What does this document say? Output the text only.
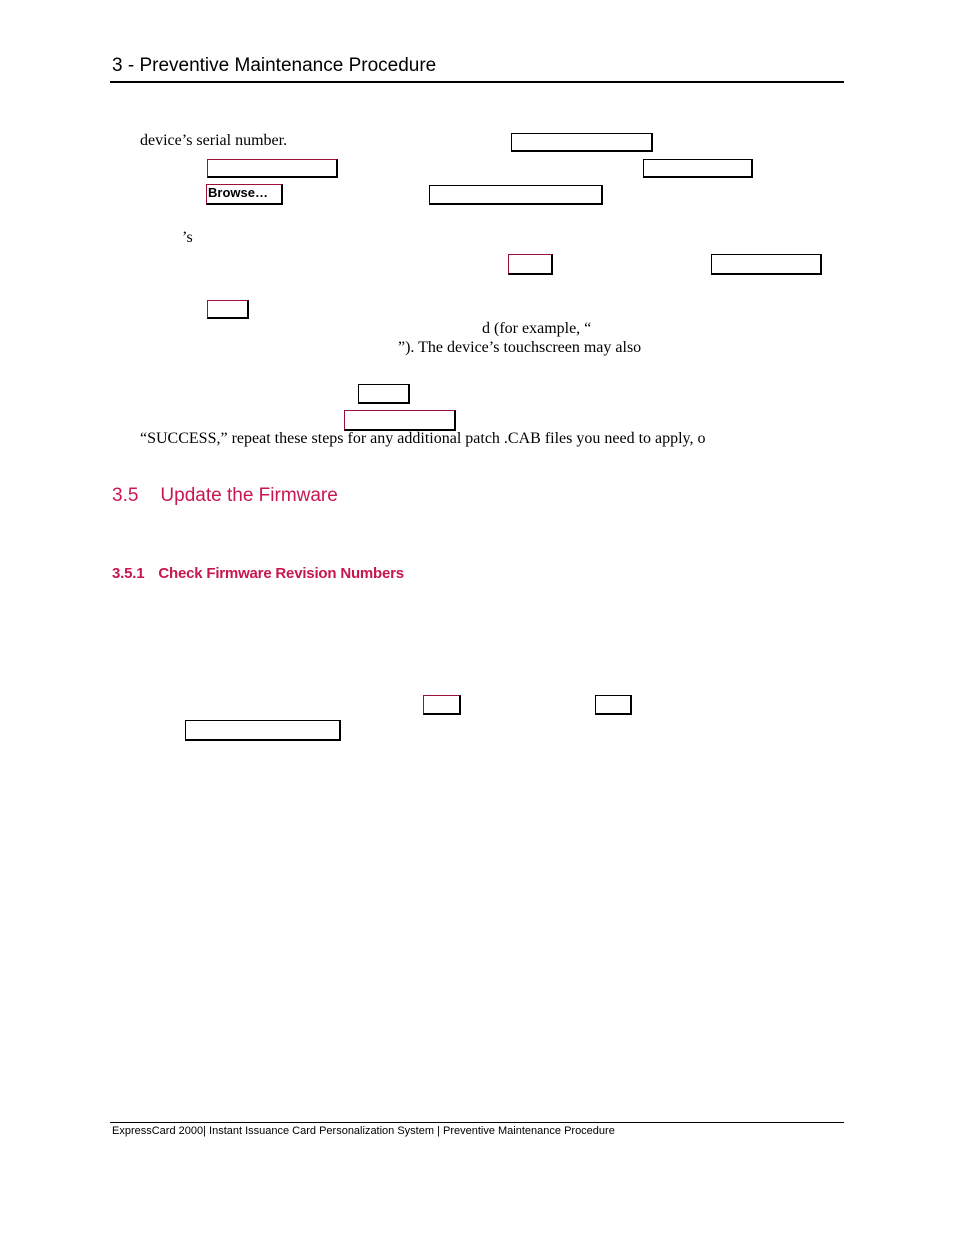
3 - Preventive Maintenance Procedure
device’s serial number.
Browse…
’s
d (for example, “
”). The device’s touchscreen may also
“SUCCESS,” repeat these steps for any additional patch .CAB files you need to apply, o
3.5 Update the Firmware
3.5.1 Check Firmware Revision Numbers
ExpressCard 2000| Instant Issuance Card Personalization System | Preventive Maintenance Procedure
